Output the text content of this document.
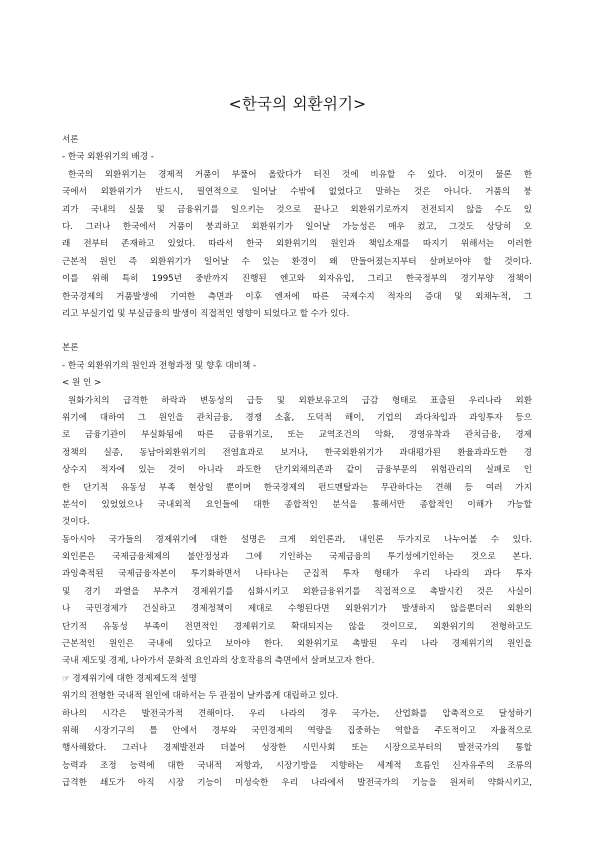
<한국의 외환위기>
서론
- 한국 외환위기의 배경 -
한국의 외환위기는 경제적 거품이 부풀어 올랐다가 터진 것에 비유할 수 있다. 이것이 물론 한
국에서 외환위기가 반드시, 필연적으로 일어날 수밖에 없었다고 말하는 것은 아니다. 거품의 붕
괴가 국내의 실물 및 금융위기를 일으키는 것으로 끝나고 외환위기로까지 전전되지 않을 수도 있
다. 그러나 한국에서 거품이 붕괴하고 외환위기가 일어날 가능성은 매우 컸고, 그것도 상당히 오
래 전부터 존재하고 있었다. 따라서 한국 외환위기의 원인과 책임소재를 따지기 위해서는 이러한
근본적 원인 즉 외환위기가 일어날 수 있는 환경이 왜 만들어졌는지부터 살펴보아야 할 것이다.
이를 위해 특히 1995년 중반까지 진행된 엔고와 외자유입, 그리고 한국정부의 경기부양 정책이
한국경제의 거품발생에 기여한 측면과 이후 엔저에 따른 국제수지 적자의 증대 및 외채누적, 그
리고 부실기업 및 부실금융의 발생이 직접적인 영향이 되었다고 할 수가 있다.
본론
- 한국 외환위기의 원인과 전형과정 및 향후 대비책 -
< 원 인 >
원화가치의 급격한 하락과 변동성의 급등 및 외환보유고의 급감 형태로 표출된 우리나라 외환
위기에 대하여 그 원인을 관치금융, 경쟁 소홀, 도덕적 해이, 기업의 과다차입과 과잉투자 등으
로 금융기관이 부실화됨에 따른 금융위기로, 또는 교역조건의 악화, 경영유착과 관치금융, 경제
정책의 실종, 동남아외환위기의 전염효과로 보거나, 한국외환위기가 과대평가된 환율과과도한 경
상수지 적자에 있는 것이 아니라 과도한 단기외채의존과 같이 금융부문의 위험관리의 실패로 인
한 단기적 유동성 부족 현상일 뿐이며 한국경제의 펀드멘탈과는 무관하다는 견해 등 여러 가지
분석이 있었었으나 국내외적 요인들에 대한 종합적인 분석을 통해서만 종합적인 이해가 가능할
것이다.
동아시아 국가들의 경제위기에 대한 설명은 크게 외인론과, 내인론 두가지로 나누어볼 수 있다.
외인론은 국제금융체제의 불안정성과 그에 기인하는 국제금융의 투기성에기인하는 것으로 본다.
과잉축적된 국제금융자본이 투기화하면서 나타나는 군집적 투자 형태가 우리 나라의 과다 투자
및 경기 과열을 부추겨 경제위기를 심화시키고 외환금융위기를 직접적으로 촉발시킨 것은 사실이
나 국민경제가 건실하고 경제정책이 제대로 수행된다면 외환위기가 발생하지 않을뿐더러 외환의
단기적 유동성 부족이 전면적인 경제위기로 확대되지는 않을 것이므로, 외환위기의 전형하고도
근본적인 원인은 국내에 있다고 보아야 한다. 외환위기로 촉발된 우리 나라 경제위기의 원인을
국내 제도및 경제, 나아가서 문화적 요인과의 상호작용의 측면에서 살펴보고자 한다.
☞ 경제위기에 대한 경제제도적 설명
위기의 전형한 국내적 원인에 대하서는 두 관점이 날카롭게 대립하고 있다.
하나의 시각은 발전국가적 견해이다. 우리 나라의 경우 국가는, 산업화를 압축적으로 달성하기
위해 시장기구의 틀 안에서 경부와 국민경제의 역량을 집중하는 역할을 주도적이고 자율적으로
행사해왔다. 그러나 경제발전과 더불어 성장한 시민사회 또는 시장으로부터의 발전국가의 통할
능력과 조정 능력에 대한 국내적 저항과, 시장기방을 지향하는 세계적 흐름인 신자유주의 조류의
급격한 쇄도가 아직 시장 기능이 미성숙한 우리 나라에서 발전국가의 기능을 원저히 약화시키고,
